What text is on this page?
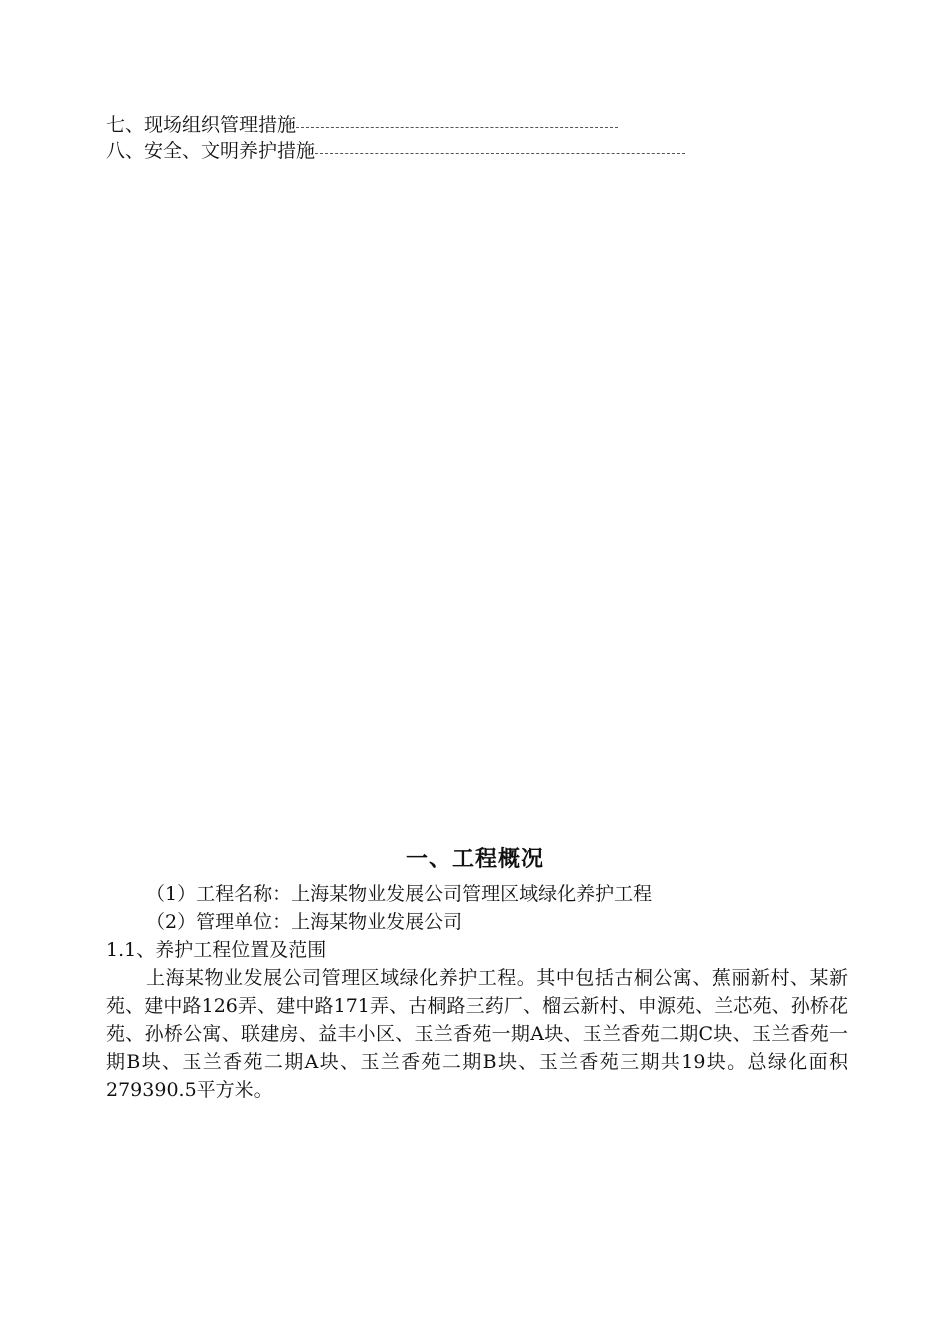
七、现场组织管理措施
八、安全、文明养护措施
一、工程概况
（1）工程名称：上海某物业发展公司管理区域绿化养护工程
（2）管理单位：上海某物业发展公司
1.1、养护工程位置及范围

上海某物业发展公司管理区域绿化养护工程。其中包括古桐公寓、蕉丽新村、某新苑、建中路126弄、建中路171弄、古桐路三药厂、榴云新村、申源苑、兰芯苑、孙桥花苑、孙桥公寓、联建房、益丰小区、玉兰香苑一期A块、玉兰香苑二期C块、玉兰香苑一期B块、玉兰香苑二期A块、玉兰香苑二期B块、玉兰香苑三期共19块。总绿化面积279390.5平方米。
